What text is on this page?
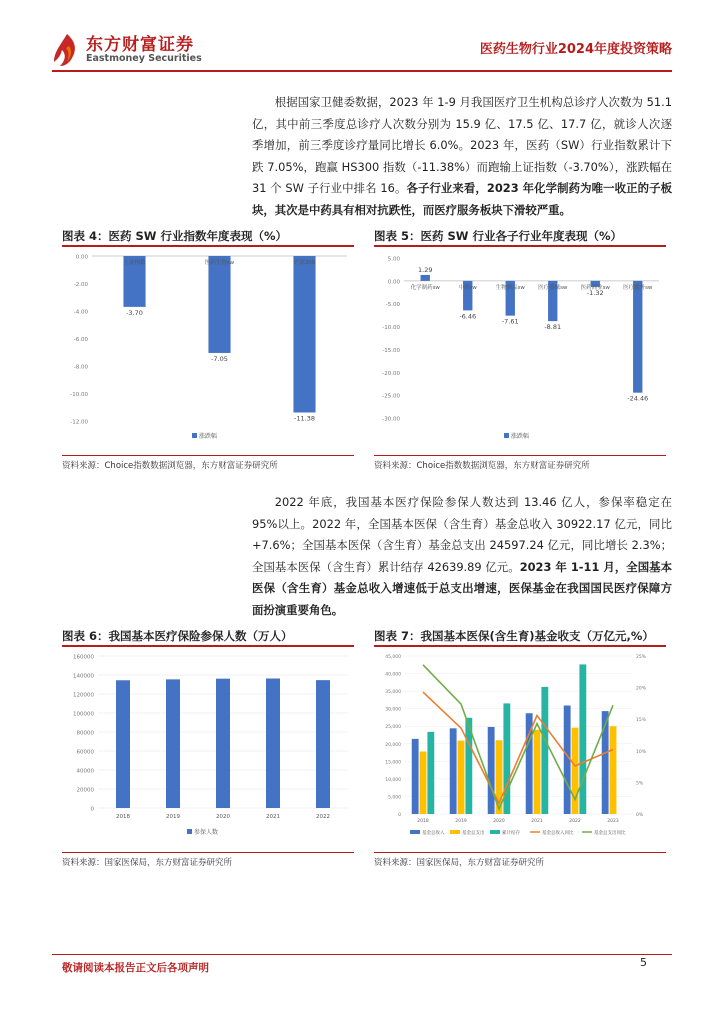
东方财富证券
Eastmoney Securities
医药生物行业2024年度投资策略

根据国家卫健委数据，2023 年 1-9 月我国医疗卫生机构总诊疗人次数为 51.1 亿，其中前三季度总诊疗人次数分别为 15.9 亿、17.5 亿、17.7 亿，就诊人次逐季增加，前三季度诊疗量同比增长 6.0%。2023 年，医药（SW）行业指数累计下跌 7.05%，跑赢 HS300 指数（-11.38%）而跑输上证指数（-3.70%），涨跌幅在 31 个 SW 子行业中排名 16。各子行业来看，2023 年化学制药为唯一收正的子板块，其次是中药具有相对抗跌性，而医疗服务板块下滑较严重。

图表 4：医药 SW 行业指数年度表现（%）
0.00
-2.00
-4.00
-6.00
-8.00
-10.00
-12.00
上证指数
-3.70
医药生物sw
-7.05
沪深300
-11.38
涨跌幅
资料来源：Choice指数数据浏览器，东方财富证券研究所
图表 5：医药 SW 行业各子行业年度表现（%）
5.00
0.00
-5.00
-10.00
-15.00
-20.00
-25.00
-30.00
化学制药sw
1.29
中药sw
-6.46
生物制品sw
-7.61
医疗器械sw
-8.81
医药商业sw
-1.32
医疗服务sw
-24.46
涨跌幅
资料来源：Choice指数数据浏览器，东方财富证券研究所

2022 年底，我国基本医疗保险参保人数达到 13.46 亿人，参保率稳定在 95%以上。2022 年，全国基本医保（含生育）基金总收入 30922.17 亿元，同比+7.6%；全国基本医保（含生育）基金总支出 24597.24 亿元，同比增长 2.3%；全国基本医保（含生育）累计结存 42639.89 亿元。2023 年 1-11 月，全国基本医保（含生育）基金总收入增速低于总支出增速，医保基金在我国国民医疗保障方面扮演重要角色。

图表 6：我国基本医疗保险参保人数（万人）
160000
140000
120000
100000
80000
60000
40000
20000
0
2018	2019	2020	2021	2022
参保人数
资料来源：国家医保局，东方财富证券研究所
图表 7：我国基本医保(含生育)基金收支（万亿元,%）
45,000
40,000
35,000
30,000
25,000
20,000
15,000
10,000
5,000
0
25%
20%
15%
10%
5%
0%
2018	2019	2020	2021	2022	2023
基金总收入	基金总支出	累计结存	基金总收入同比	基金总支出同比
资料来源：国家医保局，东方财富证券研究所
敬请阅读本报告正文后各项声明	5
